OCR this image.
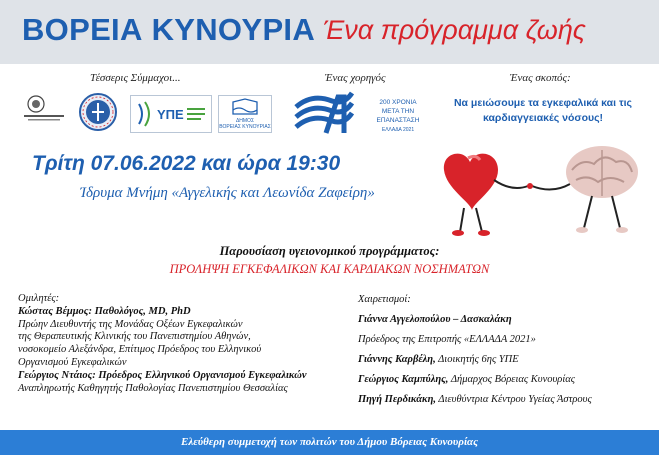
ΒΟΡΕΙΑ ΚΥΝΟΥΡΙΑ Ένα πρόγραμμα ζωής
Τέσσερις Σύμμαχοι...
ΥΠΕ	ΔΗΜΟΣ
ΒΟΡΕΙΑΣ ΚΥΝΟΥΡΙΑΣ
Ένας χορηγός
200 ΧΡΟΝΙΑ
ΜΕΤΑ ΤΗΝ
ΕΠΑΝΑΣΤΑΣΗ
ΕΛΛΑΔΑ 2021
Ένας σκοπός:
Να μειώσουμε τα εγκεφαλικά και τις καρδιαγγειακές νόσους!
Τρίτη 07.06.2022 και ώρα 19:30
Ίδρυμα Μνήμη «Αγγελικής και Λεωνίδα Ζαφείρη»
Παρουσίαση υγειονομικού προγράμματος:
ΠΡΟΛΗΨΗ ΕΓΚΕΦΑΛΙΚΩΝ ΚΑΙ ΚΑΡΔΙΑΚΩΝ ΝΟΣΗΜΑΤΩΝ
Ομιλητές:
Κώστας Βέμμος: Παθολόγος, MD, PhD
Πρώην Διευθυντής της Μονάδας Οξέων Εγκεφαλικών
της Θεραπευτικής Κλινικής του Πανεπιστημίου Αθηνών,
νοσοκομείο Αλεξάνδρα, Επίτιμος Πρόεδρος του Ελληνικού
Οργανισμού Εγκεφαλικών
Γεώργιος Ντάιος: Πρόεδρος Ελληνικού Οργανισμού Εγκεφαλικών
Αναπληρωτής Καθηγητής Παθολογίας Πανεπιστημίου Θεσσαλίας
Χαιρετισμοί:
Γιάννα Αγγελοπούλου – Δασκαλάκη
Πρόεδρος της Επιτροπής «ΕΛΛΑΔΑ 2021»
Γιάννης Καρβέλη, Διοικητής 6ης ΥΠΕ
Γεώργιος Καμπύλης, Δήμαρχος Βόρειας Κυνουρίας
Πηγή Περδικάκη, Διευθύντρια Κέντρου Υγείας Άστρους
Ελεύθερη συμμετοχή των πολιτών του Δήμου Βόρειας Κυνουρίας
